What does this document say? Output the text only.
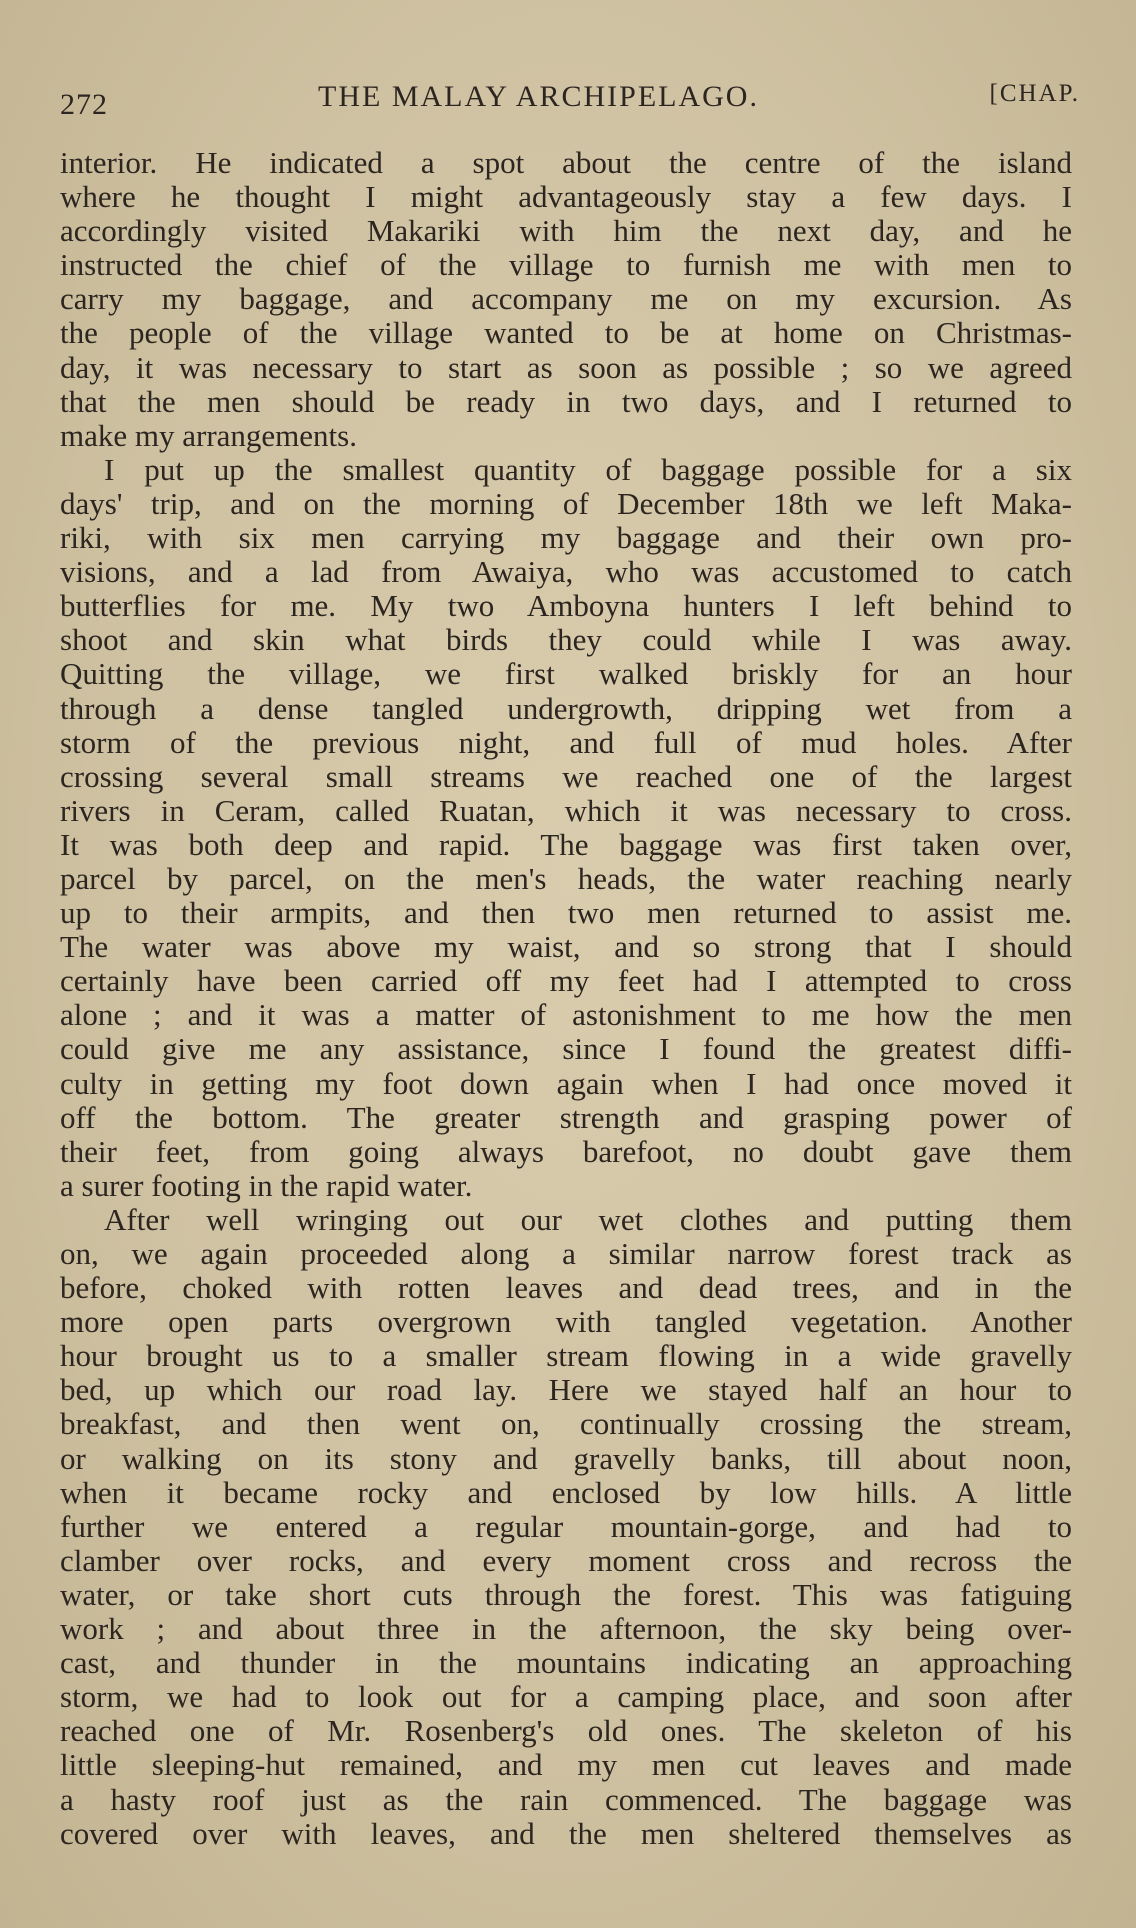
272	THE MALAY ARCHIPELAGO.	[CHAP.
interior. He indicated a spot about the centre of the island
where he thought I might advantageously stay a few days. I
accordingly visited Makariki with him the next day, and he
instructed the chief of the village to furnish me with men to
carry my baggage, and accompany me on my excursion. As
the people of the village wanted to be at home on Christmas-
day, it was necessary to start as soon as possible ; so we agreed
that the men should be ready in two days, and I returned to
make my arrangements.
I put up the smallest quantity of baggage possible for a six
days' trip, and on the morning of December 18th we left Maka-
riki, with six men carrying my baggage and their own pro-
visions, and a lad from Awaiya, who was accustomed to catch
butterflies for me. My two Amboyna hunters I left behind to
shoot and skin what birds they could while I was away.
Quitting the village, we first walked briskly for an hour
through a dense tangled undergrowth, dripping wet from a
storm of the previous night, and full of mud holes. After
crossing several small streams we reached one of the largest
rivers in Ceram, called Ruatan, which it was necessary to cross.
It was both deep and rapid. The baggage was first taken over,
parcel by parcel, on the men's heads, the water reaching nearly
up to their armpits, and then two men returned to assist me.
The water was above my waist, and so strong that I should
certainly have been carried off my feet had I attempted to cross
alone ; and it was a matter of astonishment to me how the men
could give me any assistance, since I found the greatest diffi-
culty in getting my foot down again when I had once moved it
off the bottom. The greater strength and grasping power of
their feet, from going always barefoot, no doubt gave them
a surer footing in the rapid water.
After well wringing out our wet clothes and putting them
on, we again proceeded along a similar narrow forest track as
before, choked with rotten leaves and dead trees, and in the
more open parts overgrown with tangled vegetation. Another
hour brought us to a smaller stream flowing in a wide gravelly
bed, up which our road lay. Here we stayed half an hour to
breakfast, and then went on, continually crossing the stream,
or walking on its stony and gravelly banks, till about noon,
when it became rocky and enclosed by low hills. A little
further we entered a regular mountain-gorge, and had to
clamber over rocks, and every moment cross and recross the
water, or take short cuts through the forest. This was fatiguing
work ; and about three in the afternoon, the sky being over-
cast, and thunder in the mountains indicating an approaching
storm, we had to look out for a camping place, and soon after
reached one of Mr. Rosenberg's old ones. The skeleton of his
little sleeping-hut remained, and my men cut leaves and made
a hasty roof just as the rain commenced. The baggage was
covered over with leaves, and the men sheltered themselves as
